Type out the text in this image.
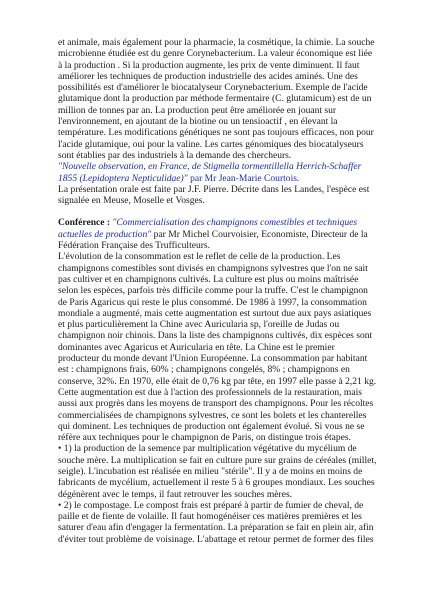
et animale, mais également pour la pharmacie, la cosmétique, la chimie. La souche microbienne étudiée est du genre Corynebacterium. La valeur économique est liée à la production . Si la production augmente, les prix de vente diminuent. Il faut améliorer les techniques de production industrielle des acides aminés. Une des possibilités est d'améliorer le biocatalyseur Corynebacterium. Exemple de l'acide glutamique dont la production par méthode fermentaire (C. glutamicum) est de un million de tonnes par an. La production peut être améliorée en jouant sur l'environnement, en ajoutant de la biotine ou un tensioactif , en élevant la température. Les modifications génétiques ne sont pas toujours efficaces, non pour l'acide glutamique, oui pour la valine. Les cartes génomiques des biocatalyseurs sont établies par des industriels à la demande des chercheurs.

"Nouvelle observation, en France, de Stigmella tormentillella Herrich-Schaffer 1855 (Lepidoptera Nepticulidae)" par Mr Jean-Marie Courtois.

La présentation orale est faite par J.F. Pierre. Décrite dans les Landes, l'espèce est signalée en Meuse, Moselle et Vosges.

Conférence : "Commercialisation des champignons comestibles et techniques actuelles de production" par Mr Michel Courvoisier, Economiste, Directeur de la Fédération Française des Trufficulteurs.

L'évolution de la consommation est le reflet de celle de la production. Les champignons comestibles sont divisés en champignons sylvestres que l'on ne sait pas cultiver et en champignons cultivés. La culture est plus ou moins maîtrisée selon les espèces, parfois très difficile comme pour la truffe. C'est le champignon de Paris Agaricus qui reste le plus consommé. De 1986 à 1997, la consommation mondiale a augmenté, mais cette augmentation est surtout due aux pays asiatiques et plus particulièrement la Chine avec Auricularia sp, l'oreille de Judas ou champignon noir chinois. Dans la liste des champignons cultivés, dix espèces sont dominantes avec Agaricus et Auricularia en tête. La Chine est le premier producteur du monde devant l'Union Européenne. La consommation par habitant est : champignons frais, 60% ; champignons congelés, 8% ; champignons en conserve, 32%. En 1970, elle était de 0,76 kg par tête, en 1997 elle passe à 2,21 kg. Cette augmentation est due à l'action des professionnels de la restauration, mais aussi aux progrès dans les moyens de transport des champignons. Pour les récoltes commercialisées de champignons sylvestres, ce sont les bolets et les chanterelles qui dominent. Les techniques de production ont également évolué. Si vous ne se réfère aux techniques pour le champignon de Paris, on distingue trois étapes.

• 1) la production de la semence par multiplication végétative du mycélium de souche mère. La multiplication se fait en culture pure sur grains de céréales (millet, seigle). L'incubation est réalisée en milieu "stérile". Il y a de moins en moins de fabricants de mycélium, actuellement il reste 5 à 6 groupes mondiaux. Les souches dégénèrent avec le temps, il faut retrouver les souches mères.

• 2) le compostage. Le compost frais est préparé à partir de fumier de cheval, de paille et de fiente de volaille. Il faut homogénéiser ces matières premières et les saturer d'eau afin d'engager la fermentation. La préparation se fait en plein air, afin d'éviter tout problème de voisinage. L'abattage et retour permet de former des files
